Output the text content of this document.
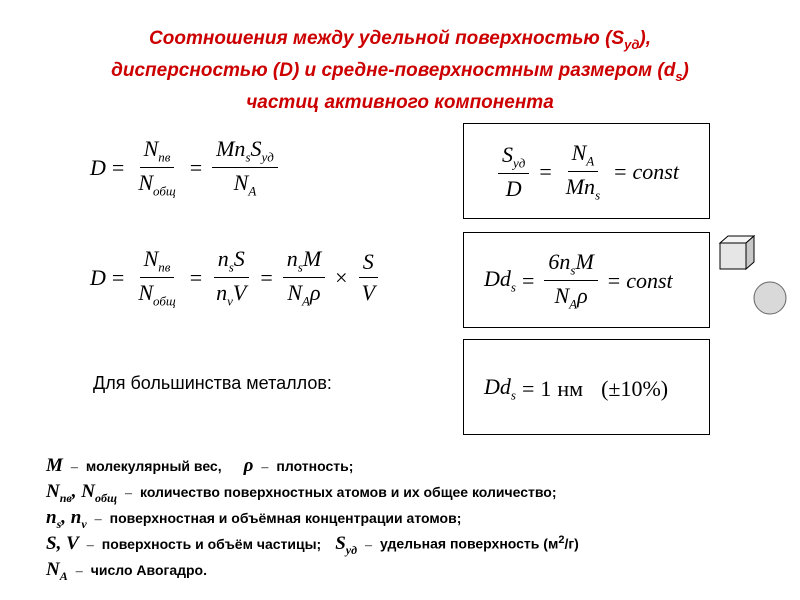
Соотношения между удельной поверхностью $(S_{уд})$,
дисперсностью (D) и средне-поверхностным размером $(d_s)$
частиц активного компонента
$D = \frac{N_{пв}}{N_{общ}} = \frac{Mn_sS_{уд}}{N_A}$
$D = \frac{N_{пв}}{N_{общ}} = \frac{n_sS}{n_vV} = \frac{n_sM}{N_A\rho} \times \frac{S}{V}$
$\frac{S_{уд}}{D} = \frac{N_A}{Mn_s}$ = const
$Dd_s = \frac{6n_sM}{N_A\rho}$ = const
$Dd_s = 1$ нм (±10%)
Для большинства металлов:
M – молекулярный вес, ρ – плотность;
$N_{пв}$, $N_{общ}$ – количество поверхностных атомов и их общее количество;
$n_s$, $n_v$ – поверхностная и объёмная концентрации атомов;
S, V – поверхность и объём частицы; $S_{уд}$ – удельная поверхность $(м^2/г)$
$N_A$ – число Авогадро.
